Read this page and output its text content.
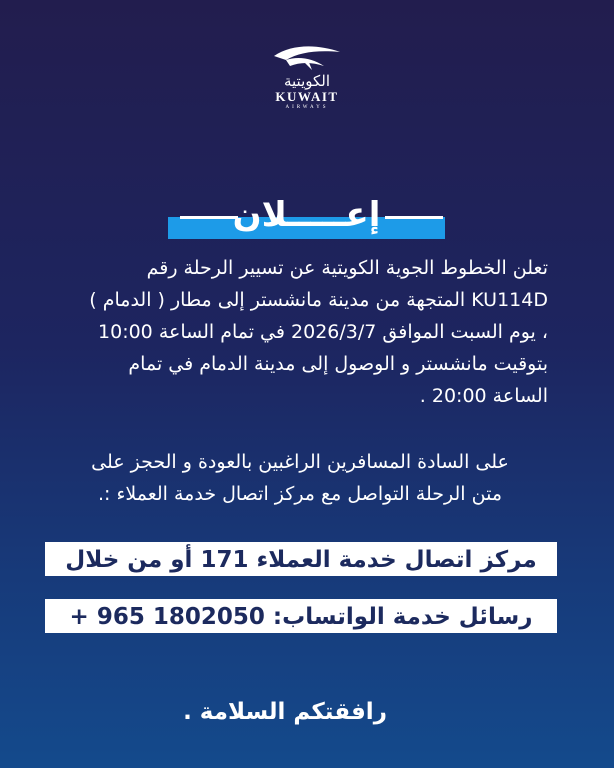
الكويتية
KUWAIT
AIRWAYS
إعـــــلان
تعلن الخطوط الجوية الكويتية عن تسيير الرحلة رقم
KU114D المتجهة من مدينة مانشستر إلى مطار ( الدمام )
، يوم السبت الموافق 2026/3/7 في تمام الساعة 10:00
بتوقيت مانشستر و الوصول إلى مدينة الدمام في تمام
الساعة 20:00 .
على السادة المسافرين الراغبين بالعودة و الحجز على
متن الرحلة التواصل مع مركز اتصال خدمة العملاء :.
مركز اتصال خدمة العملاء 171 أو من خلال
رسائل خدمة الواتساب: 1802050 965 +
رافقتكم السلامة .
